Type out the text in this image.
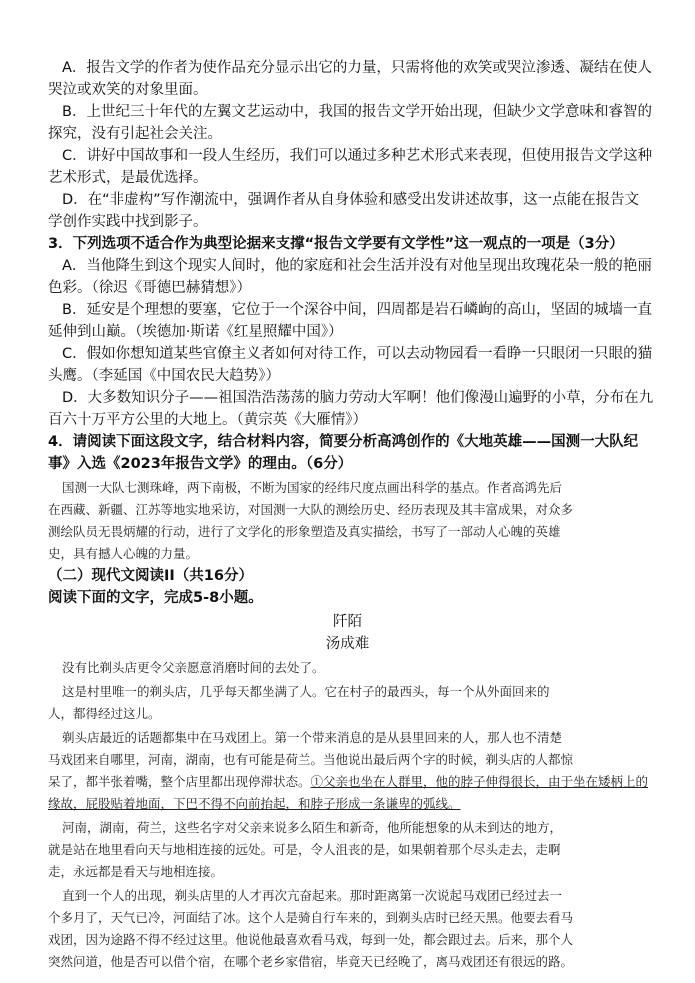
A．报告文学的作者为使作品充分显示出它的力量，只需将他的欢笑或哭泣渗透、凝结在使人
哭泣或欢笑的对象里面。
B．上世纪三十年代的左翼文艺运动中，我国的报告文学开始出现，但缺少文学意味和睿智的
探究，没有引起社会关注。
C．讲好中国故事和一段人生经历，我们可以通过多种艺术形式来表现，但使用报告文学这种
艺术形式，是最优选择。
D．在“非虚构”写作潮流中，强调作者从自身体验和感受出发讲述故事，这一点能在报告文
学创作实践中找到影子。
3．下列选项不适合作为典型论据来支撑“报告文学要有文学性”这一观点的一项是（3分）
A．当他降生到这个现实人间时，他的家庭和社会生活并没有对他呈现出玫瑰花朵一般的艳丽
色彩。（徐迟《哥德巴赫猜想》）
B．延安是个理想的要塞，它位于一个深谷中间，四周都是岩石嶙峋的高山，坚固的城墙一直
延伸到山巅。（埃德加·斯诺《红星照耀中国》）
C．假如你想知道某些官僚主义者如何对待工作，可以去动物园看一看睁一只眼闭一只眼的猫
头鹰。（李延国《中国农民大趋势》）
D．大多数知识分子——祖国浩浩荡荡的脑力劳动大军啊！他们像漫山遍野的小草，分布在九
百六十万平方公里的大地上。（黄宗英《大雁情》）
4．请阅读下面这段文字，结合材料内容，简要分析高鸿创作的《大地英雄——国测一大队纪
事》入选《2023年报告文学》的理由。（6分）
国测一大队七测珠峰，两下南极，不断为国家的经纬尺度点画出科学的基点。作者高鸿先后
在西藏、新疆、江苏等地实地采访，对国测一大队的测绘历史、经历表现及其丰富成果，对众多
测绘队员无畏炳耀的行动，进行了文学化的形象塑造及真实描绘，书写了一部动人心魄的英雄
史，具有撼人心魄的力量。
（二）现代文阅读II（共16分）
阅读下面的文字，完成5-8小题。
阡陌
汤成难
没有比剃头店更令父亲愿意消磨时间的去处了。
这是村里唯一的剃头店，几乎每天都坐满了人。它在村子的最西头，每一个从外面回来的
人，都得经过这儿。
剃头店最近的话题都集中在马戏团上。第一个带来消息的是从县里回来的人，那人也不清楚
马戏团来自哪里，河南，湖南，也有可能是荷兰。当他说出最后两个字的时候，剃头店的人都惊
呆了，都半张着嘴，整个店里都出现停滞状态。①父亲也坐在人群里，他的脖子伸得很长，由于坐在矮柄上的
缘故，屁股贴着地面，下巴不得不向前抬起，和脖子形成一条谦卑的弧线。
河南，湖南，荷兰，这些名字对父亲来说多么陌生和新奇，他所能想象的从未到达的地方，
就是站在地里看向天与地相连接的远处。可是，令人沮丧的是，如果朝着那个尽头走去，走啊
走，永远都是看天与地相连接。
直到一个人的出现，剃头店里的人才再次亢奋起来。那时距离第一次说起马戏团已经过去一
个多月了，天气已冷，河面结了冰。这个人是骑自行车来的，到剃头店时已经天黑。他要去看马
戏团，因为途路不得不经过这里。他说他最喜欢看马戏，每到一处，都会跟过去。后来，那个人
突然问道，他是否可以借个宿，在哪个老乡家借宿，毕竟天已经晚了，离马戏团还有很远的路。
